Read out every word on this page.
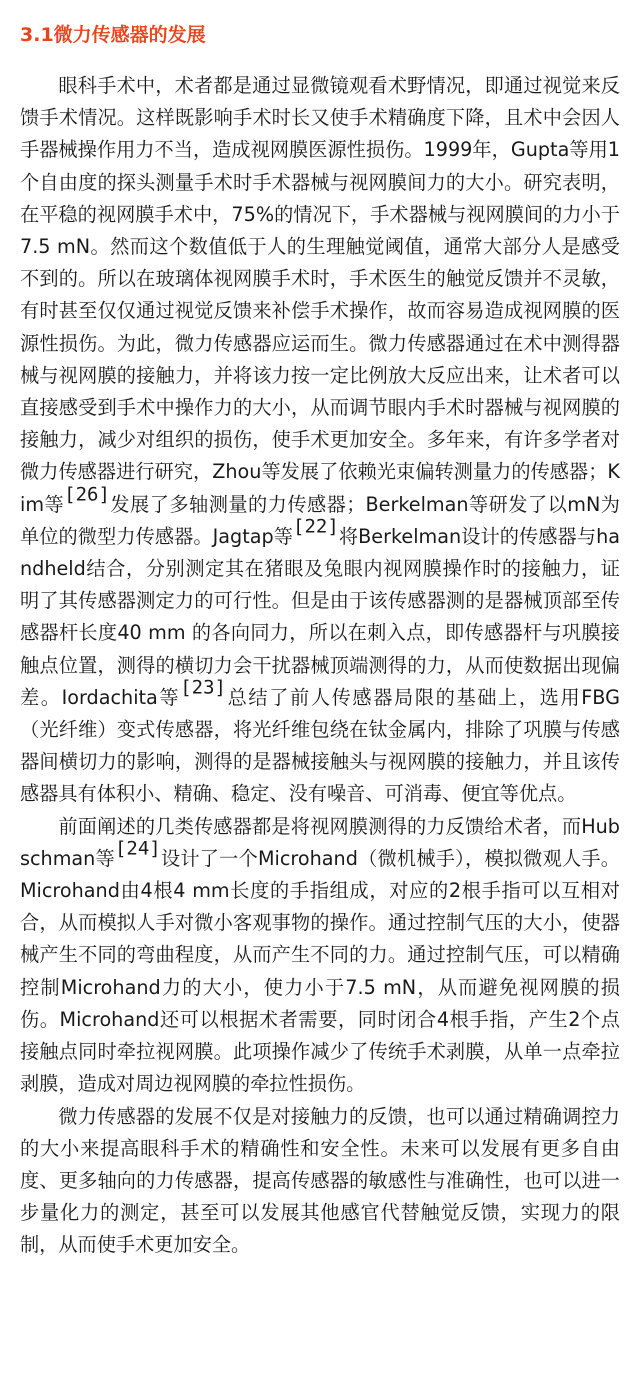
3.1微力传感器的发展

眼科手术中，术者都是通过显微镜观看术野情况，即通过视觉来反馈手术情况。这样既影响手术时长又使手术精确度下降，且术中会因人手器械操作用力不当，造成视网膜医源性损伤。1999年，Gupta等用1个自由度的探头测量手术时手术器械与视网膜间力的大小。研究表明，在平稳的视网膜手术中，75%的情况下，手术器械与视网膜间的力小于7.5 mN。然而这个数值低于人的生理触觉阈值，通常大部分人是感受不到的。所以在玻璃体视网膜手术时，手术医生的触觉反馈并不灵敏，有时甚至仅仅通过视觉反馈来补偿手术操作，故而容易造成视网膜的医源性损伤。为此，微力传感器应运而生。微力传感器通过在术中测得器械与视网膜的接触力，并将该力按一定比例放大反应出来，让术者可以直接感受到手术中操作力的大小，从而调节眼内手术时器械与视网膜的接触力，减少对组织的损伤，使手术更加安全。多年来，有许多学者对微力传感器进行研究，Zhou等发展了依赖光束偏转测量力的传感器；Kim等[26]发展了多轴测量的力传感器；Berkelman等研发了以mN为单位的微型力传感器。Jagtap等[22]将Berkelman设计的传感器与handheld结合，分别测定其在猪眼及兔眼内视网膜操作时的接触力，证明了其传感器测定力的可行性。但是由于该传感器测的是器械顶部至传感器杆长度40 mm 的各向同力，所以在刺入点，即传感器杆与巩膜接触点位置，测得的横切力会干扰器械顶端测得的力，从而使数据出现偏差。Iordachita等[23]总结了前人传感器局限的基础上，选用FBG（光纤维）变式传感器，将光纤维包绕在钛金属内，排除了巩膜与传感器间横切力的影响，测得的是器械接触头与视网膜的接触力，并且该传感器具有体积小、精确、稳定、没有噪音、可消毒、便宜等优点。

前面阐述的几类传感器都是将视网膜测得的力反馈给术者，而Hubschman等[24]设计了一个Microhand（微机械手），模拟微观人手。Microhand由4根4 mm长度的手指组成，对应的2根手指可以互相对合，从而模拟人手对微小客观事物的操作。通过控制气压的大小，使器械产生不同的弯曲程度，从而产生不同的力。通过控制气压，可以精确控制Microhand力的大小，使力小于7.5 mN，从而避免视网膜的损伤。Microhand还可以根据术者需要，同时闭合4根手指，产生2个点接触点同时牵拉视网膜。此项操作减少了传统手术剥膜，从单一点牵拉剥膜，造成对周边视网膜的牵拉性损伤。

微力传感器的发展不仅是对接触力的反馈，也可以通过精确调控力的大小来提高眼科手术的精确性和安全性。未来可以发展有更多自由度、更多轴向的力传感器，提高传感器的敏感性与准确性，也可以进一步量化力的测定，甚至可以发展其他感官代替触觉反馈，实现力的限制，从而使手术更加安全。
